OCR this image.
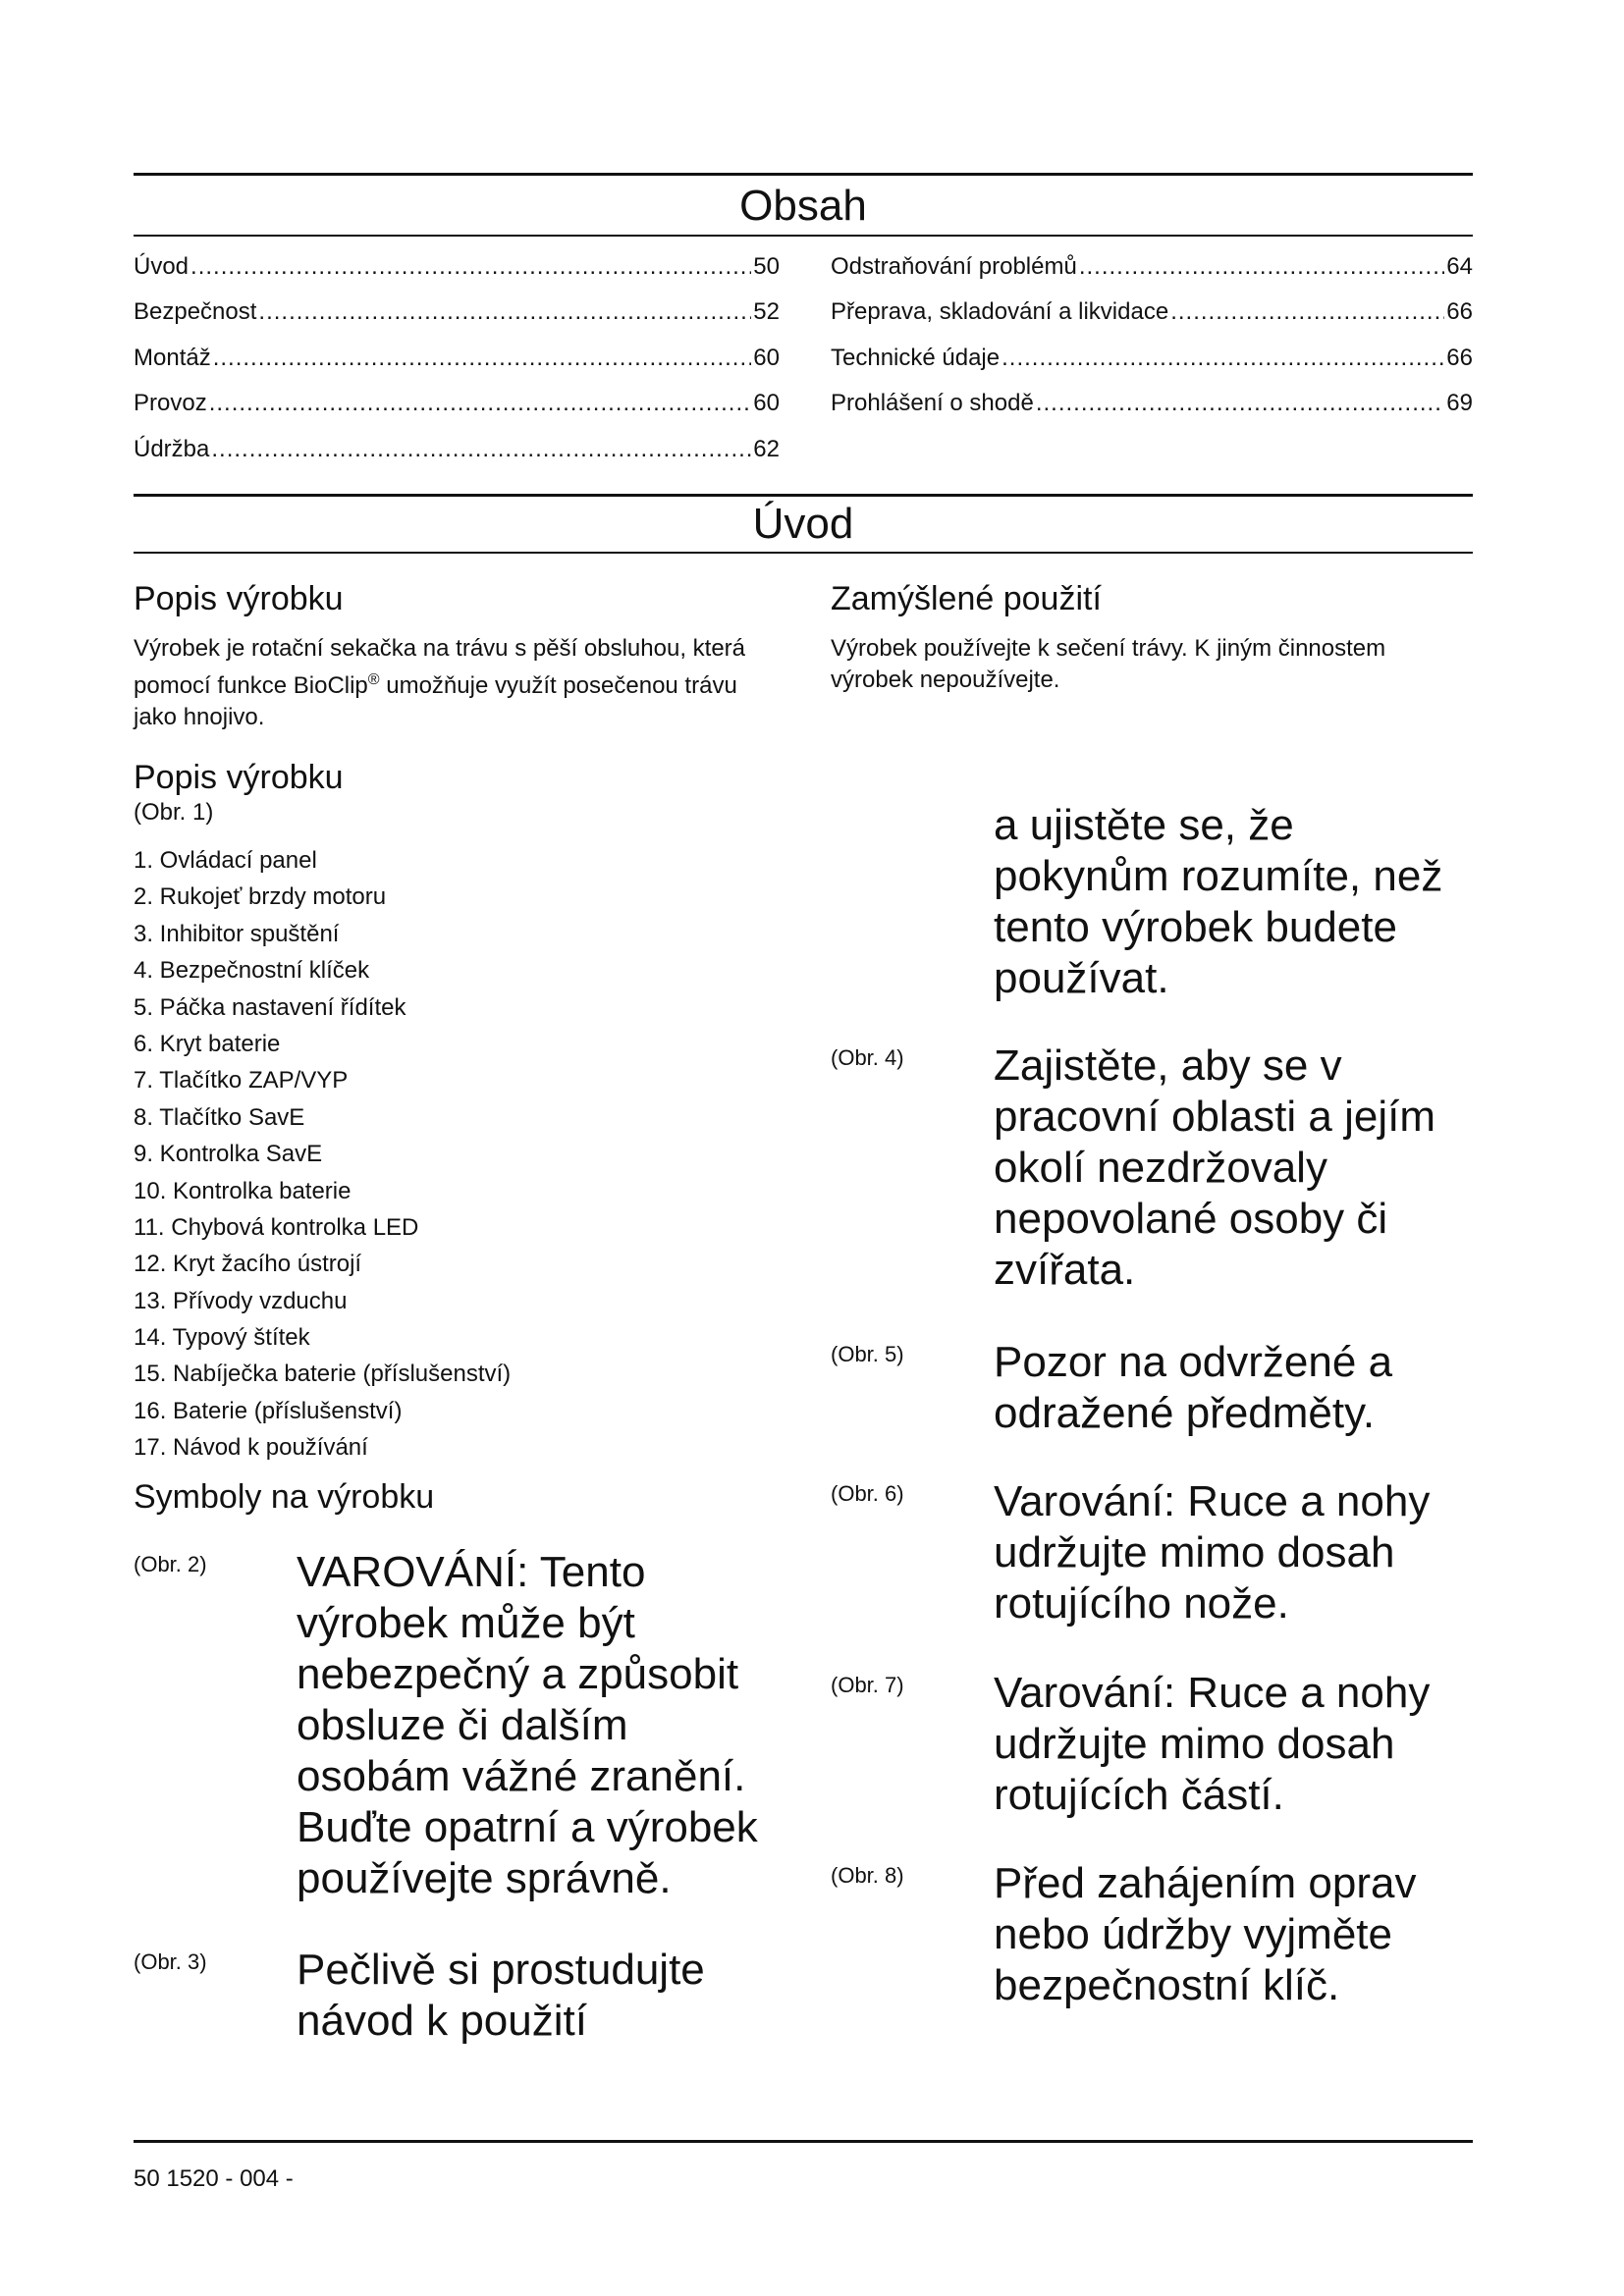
Obsah
Úvod .....	50
Bezpečnost .....	52
Montáž .....	60
Provoz .....	60
Údržba .....	62
Odstraňování problémů .....	64
Přeprava, skladování a likvidace .....	66
Technické údaje .....	66
Prohlášení o shodě .....	69
Úvod
Popis výrobku
Výrobek je rotační sekačka na trávu s pěší obsluhou, která pomocí funkce BioClip® umožňuje využít posečenou trávu jako hnojivo.
Zamýšlené použití
Výrobek používejte k sečení trávy. K jiným činnostem výrobek nepoužívejte.
Popis výrobku
(Obr. 1)
1. Ovládací panel
2. Rukojeť brzdy motoru
3. Inhibitor spuštění
4. Bezpečnostní klíček
5. Páčka nastavení řídítek
6. Kryt baterie
7. Tlačítko ZAP/VYP
8. Tlačítko SavE
9. Kontrolka SavE
10. Kontrolka baterie
11. Chybová kontrolka LED
12. Kryt žacího ústrojí
13. Přívody vzduchu
14. Typový štítek
15. Nabíječka baterie (příslušenství)
16. Baterie (příslušenství)
17. Návod k používání
Symboly na výrobku
(Obr. 2) VAROVÁNÍ: Tento výrobek může být nebezpečný a způsobit obsluze či dalším osobám vážné zranění. Buďte opatrní a výrobek používejte správně.
(Obr. 3) Pečlivě si prostudujte návod k použití
a ujistěte se, že pokynům rozumíte, než tento výrobek budete používat.
(Obr. 4) Zajistěte, aby se v pracovní oblasti a jejím okolí nezdržovaly nepovolané osoby či zvířata.
(Obr. 5) Pozor na odvržené a odražené předměty.
(Obr. 6) Varování: Ruce a nohy udržujte mimo dosah rotujícího nože.
(Obr. 7) Varování: Ruce a nohy udržujte mimo dosah rotujících částí.
(Obr. 8) Před zahájením oprav nebo údržby vyjměte bezpečnostní klíč.
50 1520 - 004 -
